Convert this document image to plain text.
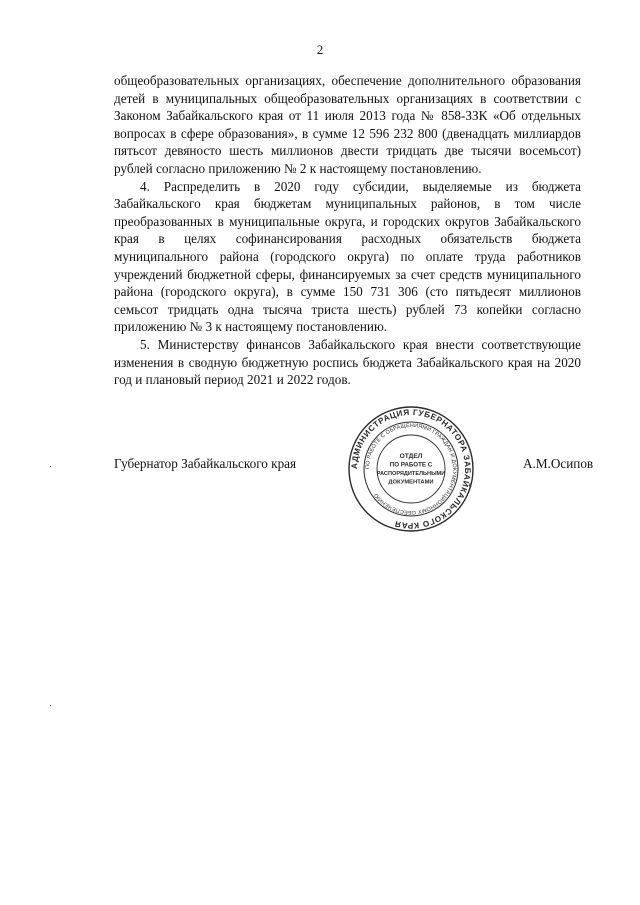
2

общеобразовательных организациях, обеспечение дополнительного образования детей в муниципальных общеобразовательных организациях в соответствии с Законом Забайкальского края от 11 июля 2013 года № 858-ЗЗК «Об отдельных вопросах в сфере образования», в сумме 12 596 232 800 (двенадцать миллиардов пятьсот девяносто шесть миллионов двести тридцать две тысячи восемьсот) рублей согласно приложению № 2 к настоящему постановлению.

4. Распределить в 2020 году субсидии, выделяемые из бюджета Забайкальского края бюджетам муниципальных районов, в том числе преобразованных в муниципальные округа, и городских округов Забайкальского края в целях софинансирования расходных обязательств бюджета муниципального района (городского округа) по оплате труда работников учреждений бюджетной сферы, финансируемых за счет средств муниципального района (городского округа), в сумме 150 731 306 (сто пятьдесят миллионов семьсот тридцать одна тысяча триста шесть) рублей 73 копейки согласно приложению № 3 к настоящему постановлению.

5. Министерству финансов Забайкальского края внести соответствующие изменения в сводную бюджетную роспись бюджета Забайкальского края на 2020 год и плановый период 2021 и 2022 годов.

Губернатор Забайкальского края	А.М.Осипов
АДМИНИСТРАЦИЯ ГУБЕРНАТОРА ЗАБАЙКАЛЬСКОГО КРАЯ
ПО РАБОТЕ С ОБРАЩЕНИЯМИ ГРАЖДАН И ДОКУМЕНТАЦИОННОМУ ОБЕСПЕЧЕНИЮ
ОТДЕЛ
ПО РАБОТЕ С
РАСПОРЯДИТЕЛЬНЫМИ
ДОКУМЕНТАМИ
